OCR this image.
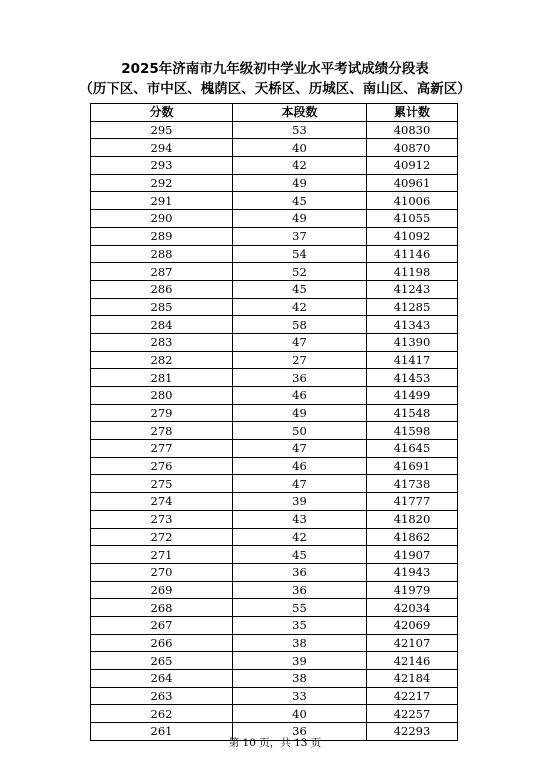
2025年济南市九年级初中学业水平考试成绩分段表
（历下区、市中区、槐荫区、天桥区、历城区、南山区、高新区）
分数	本段数	累计数
295	53	40830
294	40	40870
293	42	40912
292	49	40961
291	45	41006
290	49	41055
289	37	41092
288	54	41146
287	52	41198
286	45	41243
285	42	41285
284	58	41343
283	47	41390
282	27	41417
281	36	41453
280	46	41499
279	49	41548
278	50	41598
277	47	41645
276	46	41691
275	47	41738
274	39	41777
273	43	41820
272	42	41862
271	45	41907
270	36	41943
269	36	41979
268	55	42034
267	35	42069
266	38	42107
265	39	42146
264	38	42184
263	33	42217
262	40	42257
261	36	42293
第 10 页，共 13 页
